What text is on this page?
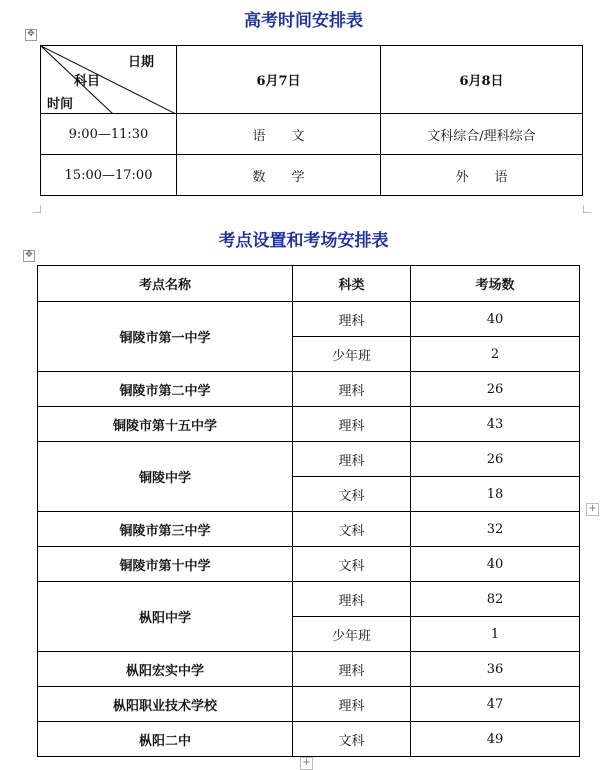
高考时间安排表
✥
日期
科目
时间	6月7日	6月8日
9:00—11:30	语　　文	文科综合/理科综合
15:00—17:00	数　　学	外　　语
考点设置和考场安排表
✥
考点名称	科类	考场数
铜陵市第一中学	理科	40
	少年班	2
铜陵市第二中学	理科	26
铜陵市第十五中学	理科	43
铜陵中学	理科	26
	文科	18
铜陵市第三中学	文科	32
铜陵市第十中学	文科	40
枞阳中学	理科	82
	少年班	1
枞阳宏实中学	理科	36
枞阳职业技术学校	理科	47
枞阳二中	文科	49
+
+
